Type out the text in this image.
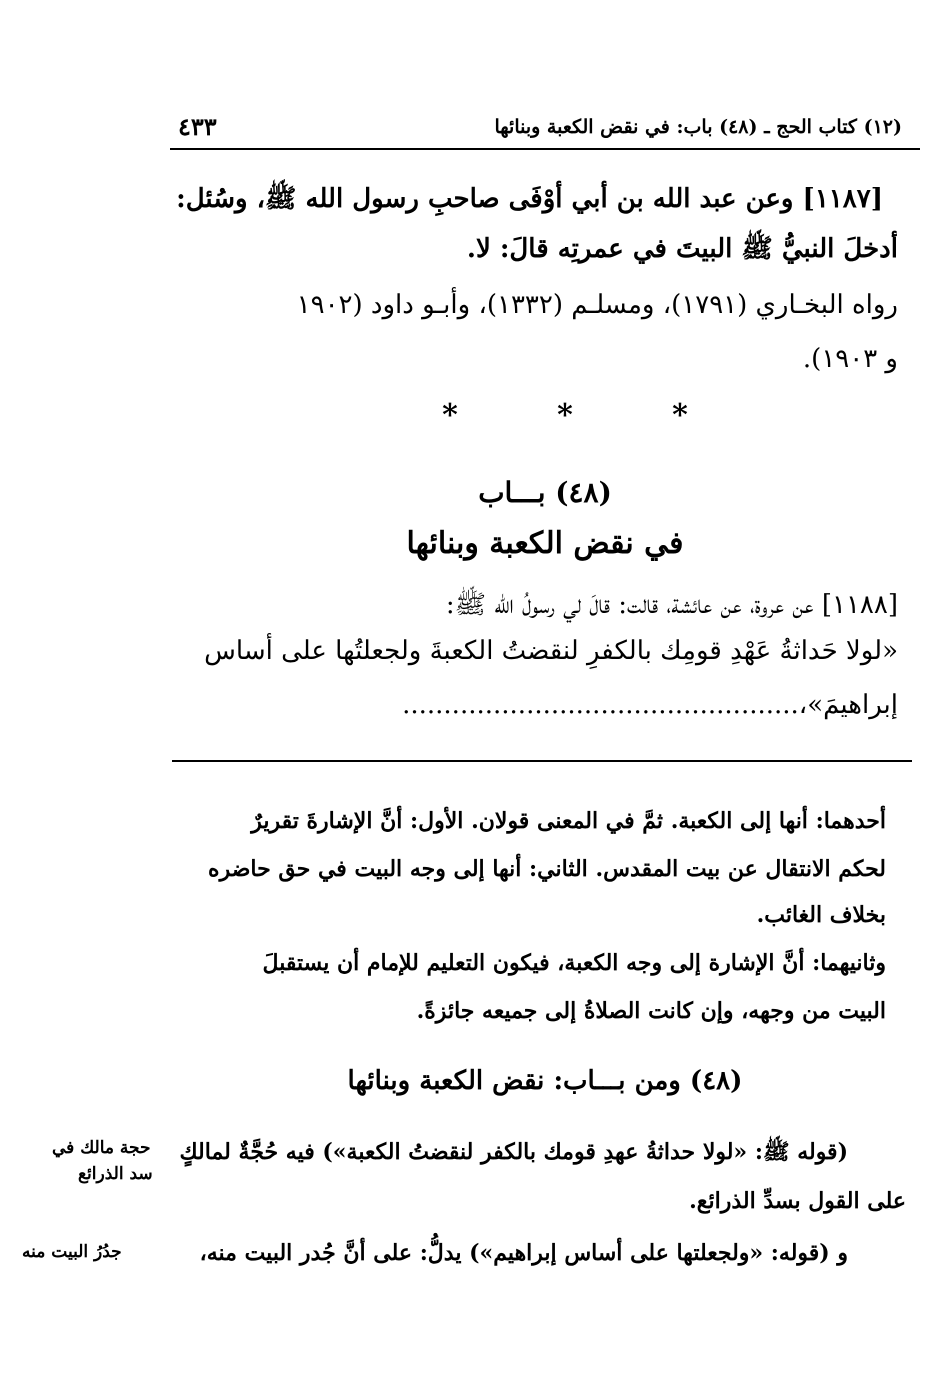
(١٢) كتاب الحج ـ (٤٨) باب: في نقض الكعبة وبنائها
٤٣٣
[١١٨٧] وعن عبد الله بن أبي أوْفَى صاحبِ رسول الله ﷺ، وسُئل:
أدخلَ النبيُّ ﷺ البيتَ في عمرتِه قالَ: لا.
رواه البخـاري (١٧٩١)، ومسلـم (١٣٣٢)، وأبـو داود (١٩٠٢
و ١٩٠٣).
*	*	*
(٤٨) بـــاب
في نقض الكعبة وبنائها
[١١٨٨] عن عروة، عن عائشة، قالت: قالَ لي رسولُ الله ﷺ:
«لولا حَداثةُ عَهْدِ قومِك بالكفرِ لنقضتُ الكعبةَ ولجعلتُها على أساس
إبراهيمَ»،................................................
أحدهما: أنها إلى الكعبة. ثمَّ في المعنى قولان. الأول: أنَّ الإشارةَ تقريرٌ
لحكم الانتقال عن بيت المقدس. الثاني: أنها إلى وجه البيت في حق حاضره
بخلاف الغائب.
وثانيهما: أنَّ الإشارة إلى وجه الكعبة، فيكون التعليم للإمام أن يستقبلَ
البيت من وجهه، وإن كانت الصلاةُ إلى جميعه جائزةً.
(٤٨) ومن بـــاب: نقض الكعبة وبنائها
(قوله ﷺ: «لولا حداثةُ عهدِ قومك بالكفر لنقضتُ الكعبة») فيه حُجَّةٌ لمالكٍ
على القول بسدِّ الذرائع.
و (قوله: «ولجعلتها على أساس إبراهيم») يدلُّ: على أنَّ جُدر البيت منه،
حجة مالك في
سد الذرائع
جدُرُ البيت منه
